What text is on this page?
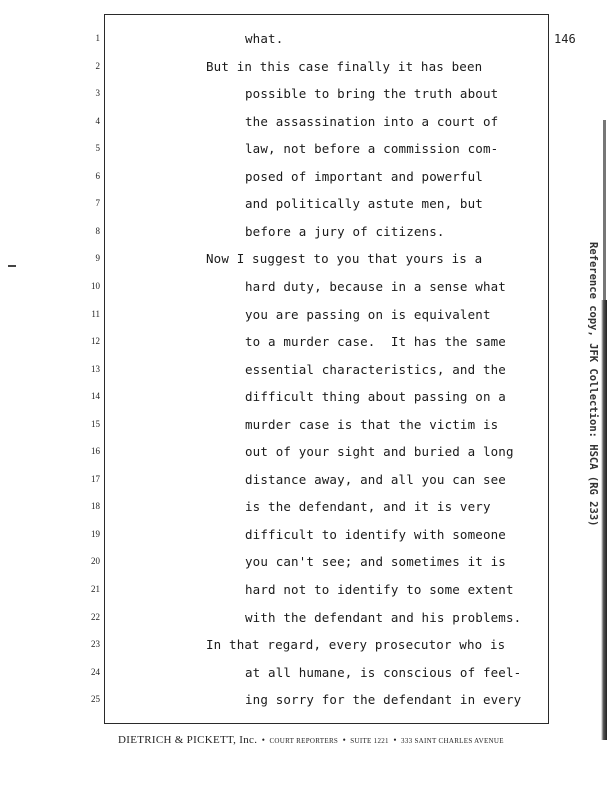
146
1	what.
2	But in this case finally it has been
3	possible to bring the truth about
4	the assassination into a court of
5	law, not before a commission com-
6	posed of important and powerful
7	and politically astute men, but
8	before a jury of citizens.
9	Now I suggest to you that yours is a
10	hard duty, because in a sense what
11	you are passing on is equivalent
12	to a murder case.  It has the same
13	essential characteristics, and the
14	difficult thing about passing on a
15	murder case is that the victim is
16	out of your sight and buried a long
17	distance away, and all you can see
18	is the defendant, and it is very
19	difficult to identify with someone
20	you can't see; and sometimes it is
21	hard not to identify to some extent
22	with the defendant and his problems.
23	In that regard, every prosecutor who is
24	at all humane, is conscious of feel-
25	ing sorry for the defendant in every
Reference copy, JFK Collection: HSCA (RG 233)
DIETRICH & PICKETT, Inc. • COURT REPORTERS • SUITE 1221 • 333 SAINT CHARLES AVENUE
